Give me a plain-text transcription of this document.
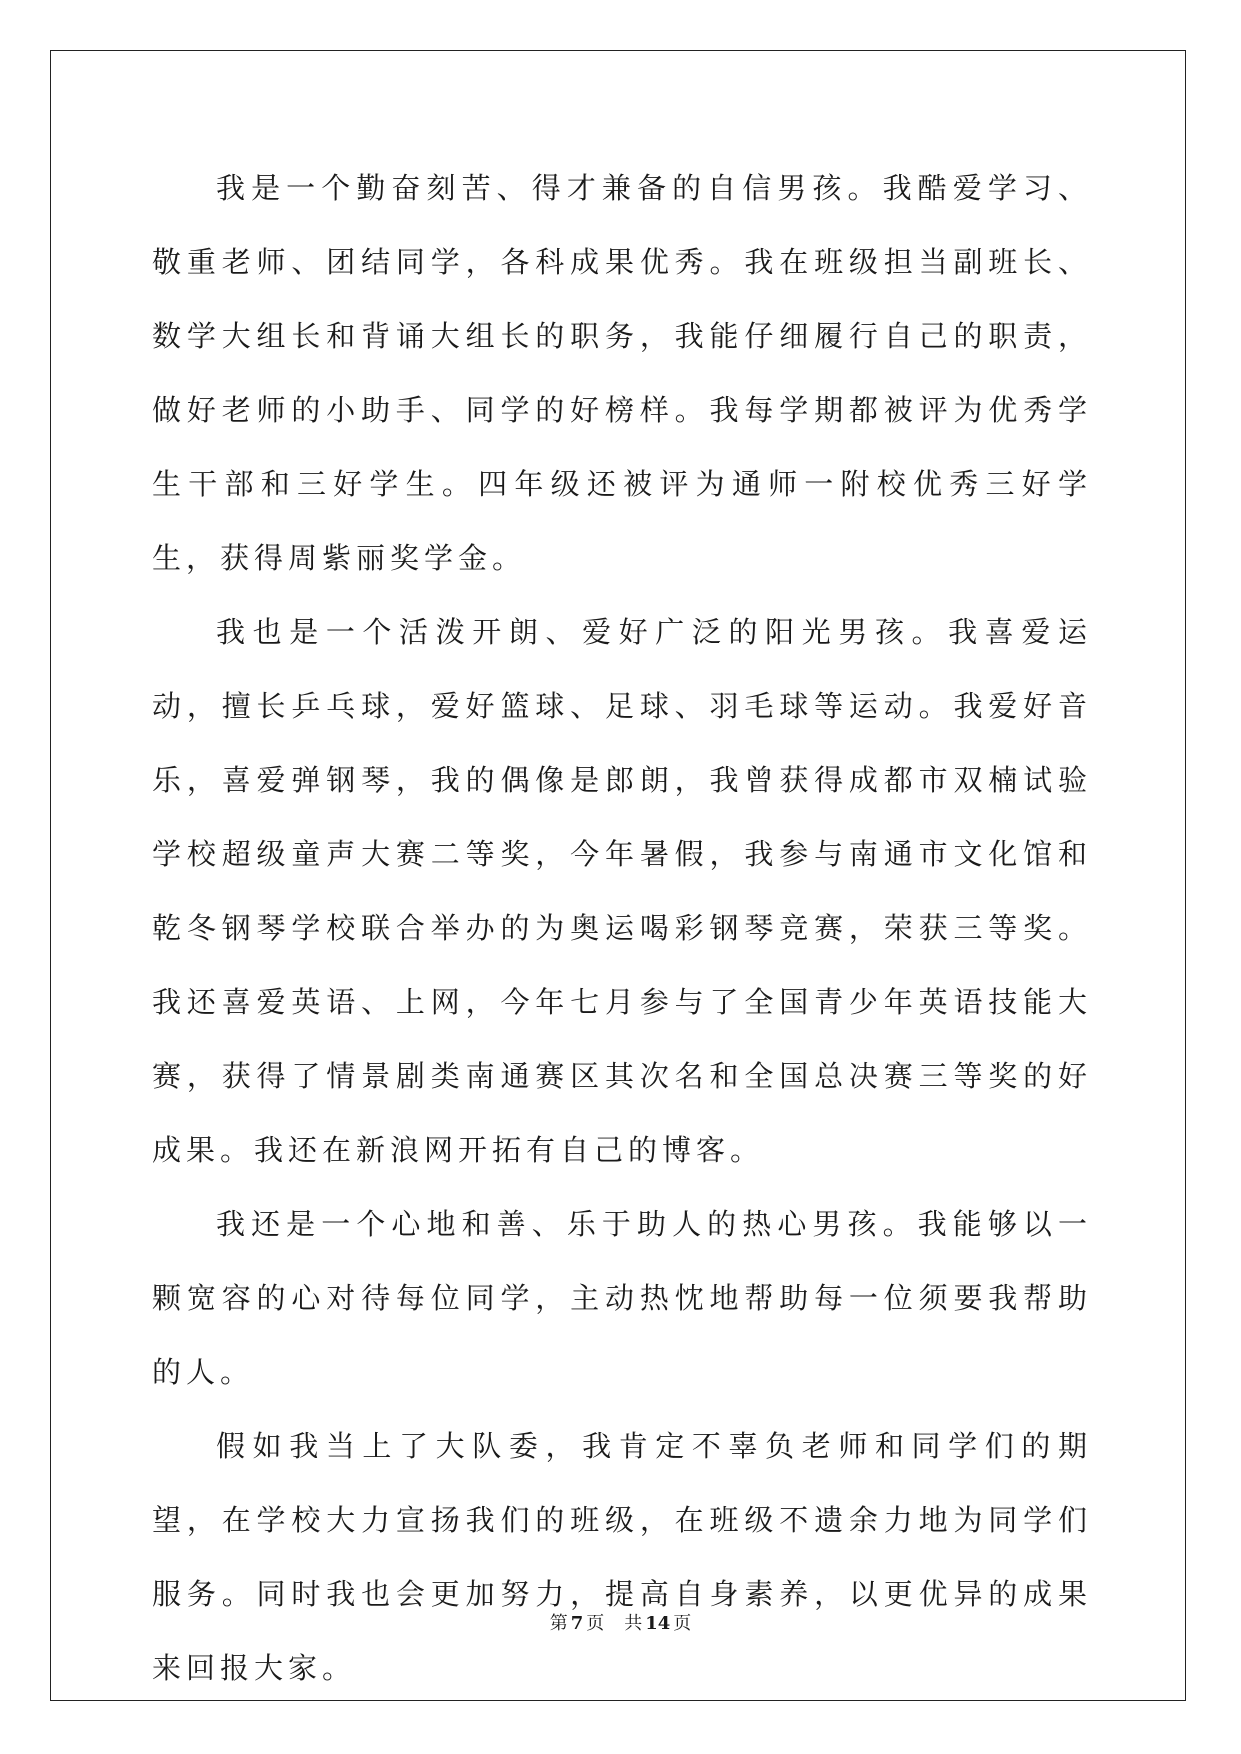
我是一个勤奋刻苦、得才兼备的自信男孩。我酷爱学习、敬重老师、团结同学，各科成果优秀。我在班级担当副班长、数学大组长和背诵大组长的职务，我能仔细履行自己的职责，做好老师的小助手、同学的好榜样。我每学期都被评为优秀学生干部和三好学生。四年级还被评为通师一附校优秀三好学生，获得周紫丽奖学金。

我也是一个活泼开朗、爱好广泛的阳光男孩。我喜爱运动，擅长乒乓球，爱好篮球、足球、羽毛球等运动。我爱好音乐，喜爱弹钢琴，我的偶像是郎朗，我曾获得成都市双楠试验学校超级童声大赛二等奖，今年暑假，我参与南通市文化馆和乾冬钢琴学校联合举办的为奥运喝彩钢琴竞赛，荣获三等奖。我还喜爱英语、上网，今年七月参与了全国青少年英语技能大赛，获得了情景剧类南通赛区其次名和全国总决赛三等奖的好成果。我还在新浪网开拓有自己的博客。

我还是一个心地和善、乐于助人的热心男孩。我能够以一颗宽容的心对待每位同学，主动热忱地帮助每一位须要我帮助的人。

假如我当上了大队委，我肯定不辜负老师和同学们的期望，在学校大力宣扬我们的班级，在班级不遗余力地为同学们服务。同时我也会更加努力，提高自身素养，以更优异的成果来回报大家。

第 7 页 共 14 页
